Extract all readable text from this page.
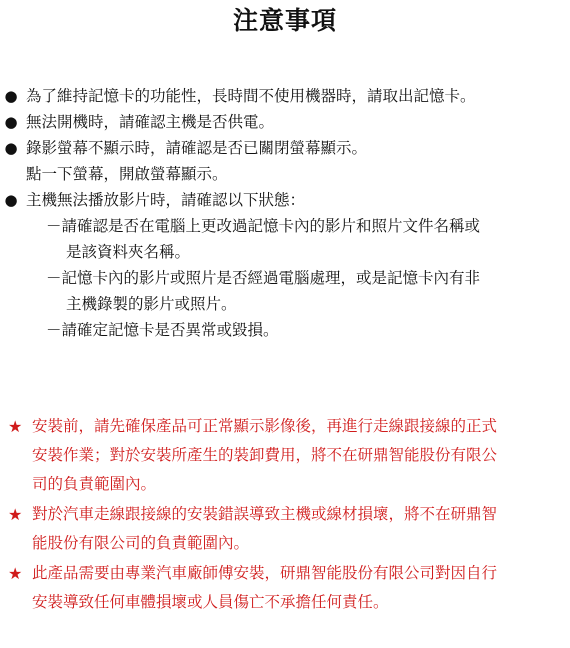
注意事項
● 為了維持記憶卡的功能性，長時間不使用機器時，請取出記憶卡。
● 無法開機時，請確認主機是否供電。
● 錄影螢幕不顯示時，請確認是否已關閉螢幕顯示。
點一下螢幕，開啟螢幕顯示。
● 主機無法播放影片時，請確認以下狀態：
－請確認是否在電腦上更改過記憶卡內的影片和照片文件名稱或
是該資料夾名稱。
－記憶卡內的影片或照片是否經過電腦處理，或是記憶卡內有非
主機錄製的影片或照片。
－請確定記憶卡是否異常或毀損。
★ 安裝前，請先確保產品可正常顯示影像後，再進行走線跟接線的正式
安裝作業；對於安裝所產生的裝卸費用，將不在研鼎智能股份有限公
司的負責範圍內。
★ 對於汽車走線跟接線的安裝錯誤導致主機或線材損壞，將不在研鼎智
能股份有限公司的負責範圍內。
★ 此產品需要由專業汽車廠師傅安裝，研鼎智能股份有限公司對因自行
安裝導致任何車體損壞或人員傷亡不承擔任何責任。
